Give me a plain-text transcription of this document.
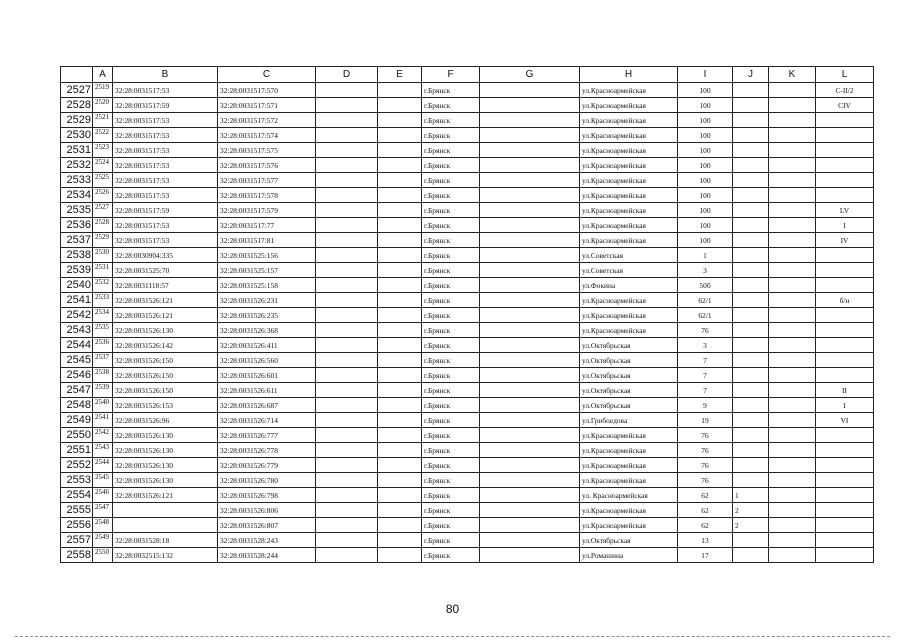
	A	B	C	D	E	F	G	H	I	J	K	L
2527	2519	32:28:0031517:53	32:28:0031517:570			г.Брянск		ул.Красноармейская	100			С-II/2
2528	2520	32:28:0031517:59	32:28:0031517:571			г.Брянск		ул.Красноармейская	100			CIV
2529	2521	32:28:0031517:53	32:28:0031517:572			г.Брянск		ул.Красноармейская	100			
2530	2522	32:28:0031517:53	32:28:0031517:574			г.Брянск		ул.Красноармейская	100			
2531	2523	32:28:0031517:53	32:28:0031517:575			г.Брянск		ул.Красноармейская	100			
2532	2524	32:28:0031517:53	32:28:0031517:576			г.Брянск		ул.Красноармейская	100			
2533	2525	32:28:0031517:53	32:28:0031517:577			г.Брянск		ул.Красноармейская	100			
2534	2526	32:28:0031517:53	32:28:0031517:578			г.Брянск		ул.Красноармейская	100			
2535	2527	32:28:0031517:59	32:28:0031517:579			г.Брянск		ул.Красноармейская	100			LV
2536	2528	32:28:0031517:53	32:28:0031517:77			г.Брянск		ул.Красноармейская	100			I
2537	2529	32:28:0031517:53	32:28:0031517:81			г.Брянск		ул.Красноармейская	100			IV
2538	2530	32:28:0030904:335	32:28:0031525:156			г.Брянск		ул.Советская	1			
2539	2531	32:28:0031525:70	32:28:0031525:157			г.Брянск		ул.Советская	3			
2540	2532	32:28:0031118:57	32:28:0031525:158			г.Брянск		ул.Фокина	50б			
2541	2533	32:28:0031526:121	32:28:0031526:231			г.Брянск		ул.Красноармейская	62/1			б/н
2542	2534	32:28:0031526:121	32:28:0031526:235			г.Брянск		ул.Красноармейская	62/1			
2543	2535	32:28:0031526:130	32:28:0031526:368			г.Брянск		ул.Красноармейская	76			
2544	2536	32:28:0031526:142	32:28:0031526:411			г.Брянск		ул.Октябрьская	3			
2545	2537	32:28:0031526:150	32:28:0031526:560			г.Брянск		ул.Октябрьская	7			
2546	2538	32:28:0031526:150	32:28:0031526:601			г.Брянск		ул.Октябрьская	7			
2547	2539	32:28:0031526:150	32:28:0031526:611			г.Брянск		ул.Октябрьская	7			II
2548	2540	32:28:0031526:153	32:28:0031526:687			г.Брянск		ул.Октябрьская	9			I
2549	2541	32:28:0031526:96	32:28:0031526:714			г.Брянск		ул.Грибоедова	19			VI
2550	2542	32:28:0031526:130	32:28:0031526:777			г.Брянск		ул.Красноармейская	76			
2551	2543	32:28:0031526:130	32:28:0031526:778			г.Брянск		ул.Красноармейская	76			
2552	2544	32:28:0031526:130	32:28:0031526:779			г.Брянск		ул.Красноармейская	76			
2553	2545	32:28:0031526:130	32:28:0031526:780			г.Брянск		ул.Красноармейская	76			
2554	2546	32:28:0031526:121	32:28:0031526:798			г.Брянск		ул. Красноармейская	62	1		
2555	2547		32:28:0031526:806			г.Брянск		ул.Красноармейская	62	2		
2556	2548		32:28:0031526:807			г.Брянск		ул.Красноармейская	62	2		
2557	2549	32:28:0031528:18	32:28:0031528:243			г.Брянск		ул.Октябрьская	13			
2558	2550	32:28:0032515:132	32:28:0031528:244			г.Брянск		ул.Ромашина	17			
80
